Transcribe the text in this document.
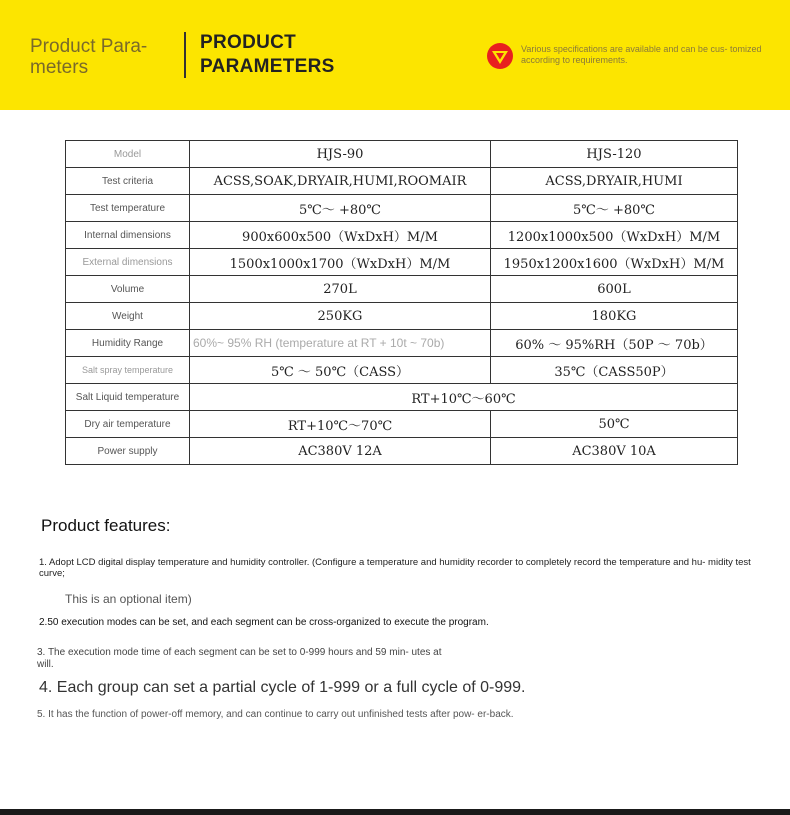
Product Para- meters
PRODUCT
PARAMETERS
Various specifications are available and can be cus- tomized according to requirements.
Model	HJS-90	HJS-120
Test criteria	ACSS,SOAK,DRYAIR,HUMI,ROOMAIR	ACSS,DRYAIR,HUMI
Test temperature	5℃～ +80℃	5℃～ +80℃
Internal dimensions	900x600x500（WxDxH）M/M	1200x1000x500（WxDxH）M/M
External dimensions	1500x1000x1700（WxDxH）M/M	1950x1200x1600（WxDxH）M/M
Volume	270L	600L
Weight	250KG	180KG
Humidity Range	60%~ 95% RH (temperature at RT + 10t ~ 70b)	60% ～ 95%RH（50P ～ 70b）
Salt spray temperature	5℃ ～ 50℃（CASS）	35℃（CASS50P）
Salt Liquid temperature	RT+10℃～60℃	
Dry air temperature	RT+10℃～70℃	50℃
Power supply	AC380V 12A	AC380V 10A
Product features:
1. Adopt LCD digital display temperature and humidity controller. (Configure a temperature and humidity recorder to completely record the temperature and hu- midity test curve;
This is an optional item)
2.50 execution modes can be set, and each segment can be cross-organized to execute the program.
3. The execution mode time of each segment can be set to 0-999 hours and 59 min- utes at will.
4. Each group can set a partial cycle of 1-999 or a full cycle of 0-999.
5. It has the function of power-off memory, and can continue to carry out unfinished tests after pow- er-back.
